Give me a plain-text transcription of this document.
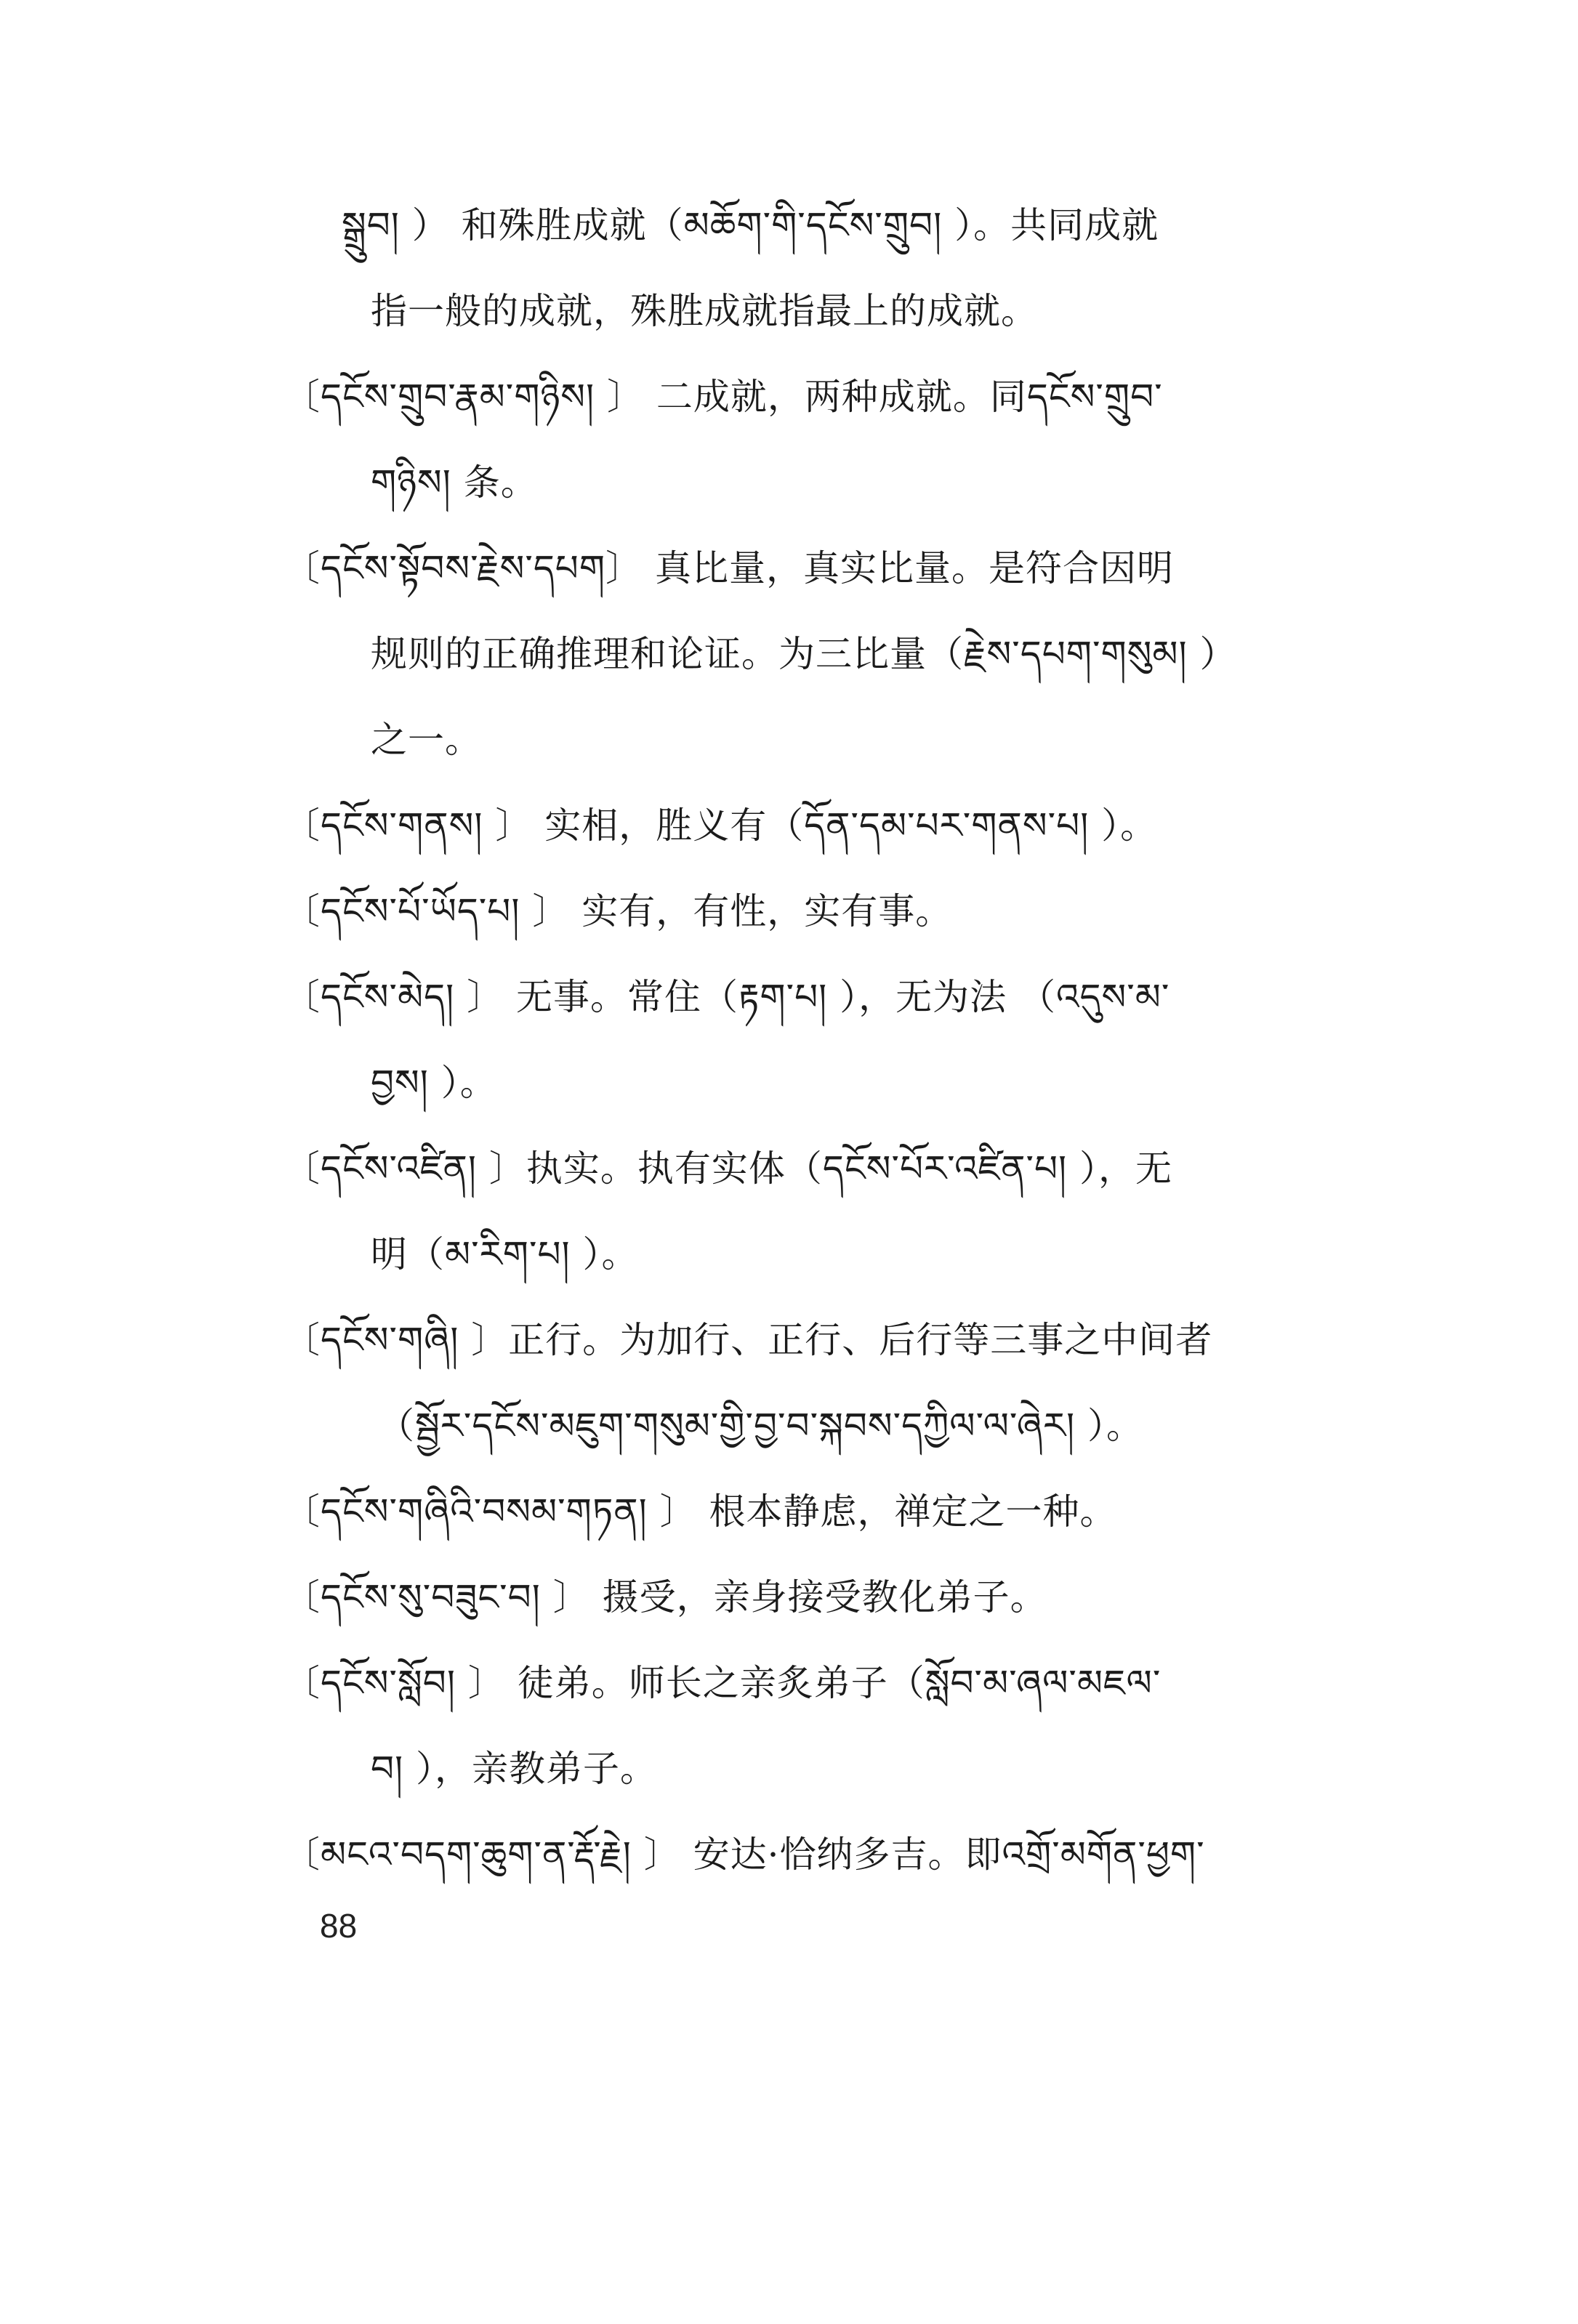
སྒྲུབ། ） 和殊胜成就（མཆོག་གི་དངོས་གྲུབ། ）。共同成就
指一般的成就，殊胜成就指最上的成就。
〔དངོས་གྲུབ་རྣམ་གཉིས། 〕 二成就，两种成就。同དངོས་གྲུབ་
གཉིས། 条。
〔དངོས་སྟོབས་རྗེས་དཔག〕 真比量，真实比量。是符合因明
规则的正确推理和论证。为三比量（རྗེས་དཔག་གསུམ། ）
之一。
〔དངོས་གནས། 〕 实相，胜义有（དོན་དམ་པར་གནས་པ། ）。
〔དངོས་པོ་ཡོད་པ། 〕 实有，有性，实有事。
〔དངོས་མེད། 〕 无事。常住（རྟག་པ། ），无为法 （འདུས་མ་
བྱས། ）。
〔དངོས་འཛིན། 〕执实。执有实体（དངོས་པོར་འཛིན་པ། ），无
明（མ་རིག་པ། ）。
〔དངོས་གཞི། 〕正行。为加行、正行、后行等三事之中间者
（སྦྱོར་དངོས་མཇུག་གསུམ་གྱི་བྱ་བ་སྐབས་དཀྱིལ་ལ་ཞེར། ）。
〔དངོས་གཞིའི་བསམ་གཏན། 〕 根本静虑，禅定之一种。
〔དངོས་སུ་བཟུང་བ། 〕 摄受，亲身接受教化弟子。
〔དངོས་སློབ། 〕 徒弟。师长之亲炙弟子（སློབ་མ་ཞལ་མཇལ་
བ། ），亲教弟子。
〔མངའ་བདག་ཆུག་ན་རྡོ་རྗེ། 〕 安达·恰纳多吉。即འགྲོ་མགོན་ཕྱག་
88
